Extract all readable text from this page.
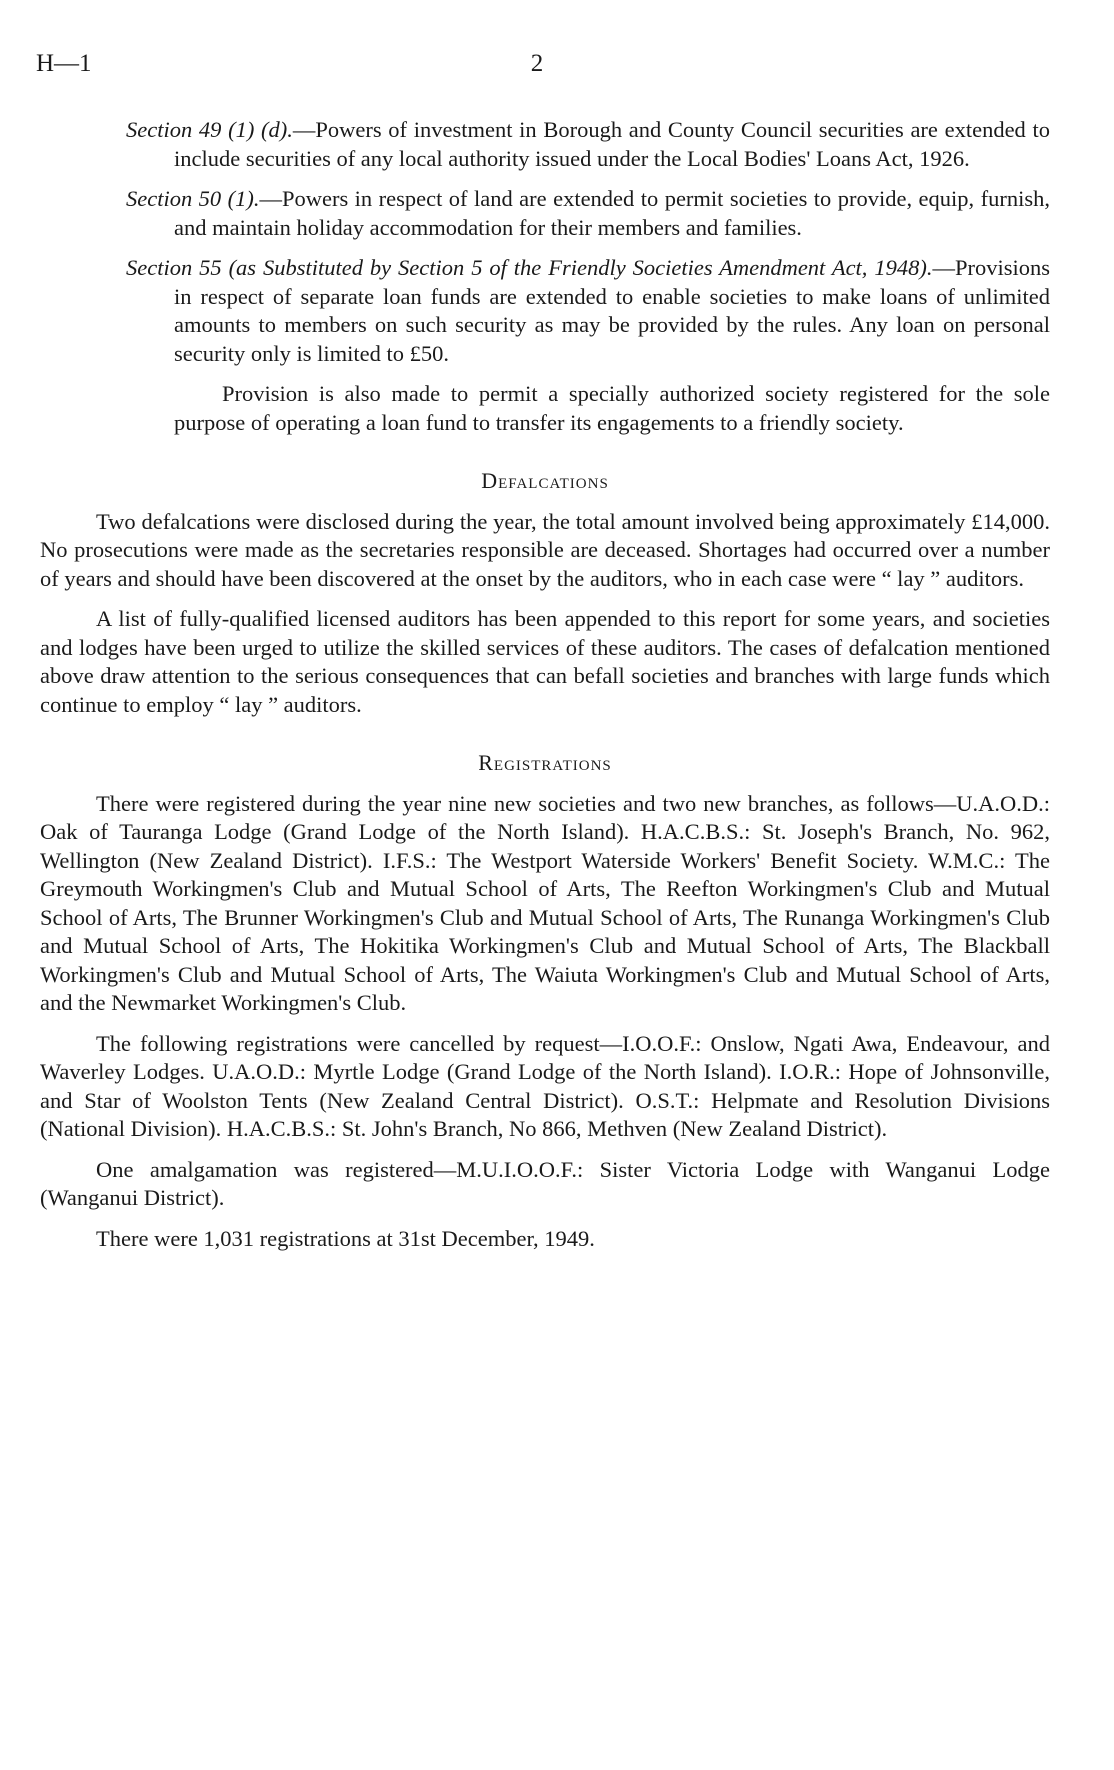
H—1	2

Section 49 (1) (d).—Powers of investment in Borough and County Council securities are extended to include securities of any local authority issued under the Local Bodies' Loans Act, 1926.

Section 50 (1).—Powers in respect of land are extended to permit societies to provide, equip, furnish, and maintain holiday accommodation for their members and families.

Section 55 (as Substituted by Section 5 of the Friendly Societies Amendment Act, 1948).—Provisions in respect of separate loan funds are extended to enable societies to make loans of unlimited amounts to members on such security as may be provided by the rules. Any loan on personal security only is limited to £50.

Provision is also made to permit a specially authorized society registered for the sole purpose of operating a loan fund to transfer its engagements to a friendly society.

Defalcations

Two defalcations were disclosed during the year, the total amount involved being approximately £14,000. No prosecutions were made as the secretaries responsible are deceased. Shortages had occurred over a number of years and should have been discovered at the onset by the auditors, who in each case were “ lay ” auditors.

A list of fully-qualified licensed auditors has been appended to this report for some years, and societies and lodges have been urged to utilize the skilled services of these auditors. The cases of defalcation mentioned above draw attention to the serious consequences that can befall societies and branches with large funds which continue to employ “ lay ” auditors.

Registrations

There were registered during the year nine new societies and two new branches, as follows—U.A.O.D.: Oak of Tauranga Lodge (Grand Lodge of the North Island). H.A.C.B.S.: St. Joseph's Branch, No. 962, Wellington (New Zealand District). I.F.S.: The Westport Waterside Workers' Benefit Society. W.M.C.: The Greymouth Workingmen's Club and Mutual School of Arts, The Reefton Workingmen's Club and Mutual School of Arts, The Brunner Workingmen's Club and Mutual School of Arts, The Runanga Workingmen's Club and Mutual School of Arts, The Hokitika Workingmen's Club and Mutual School of Arts, The Blackball Workingmen's Club and Mutual School of Arts, The Waiuta Workingmen's Club and Mutual School of Arts, and the Newmarket Workingmen's Club.

The following registrations were cancelled by request—I.O.O.F.: Onslow, Ngati Awa, Endeavour, and Waverley Lodges. U.A.O.D.: Myrtle Lodge (Grand Lodge of the North Island). I.O.R.: Hope of Johnsonville, and Star of Woolston Tents (New Zealand Central District). O.S.T.: Helpmate and Resolution Divisions (National Division). H.A.C.B.S.: St. John's Branch, No 866, Methven (New Zealand District).

One amalgamation was registered—M.U.I.O.O.F.: Sister Victoria Lodge with Wanganui Lodge (Wanganui District).

There were 1,031 registrations at 31st December, 1949.
